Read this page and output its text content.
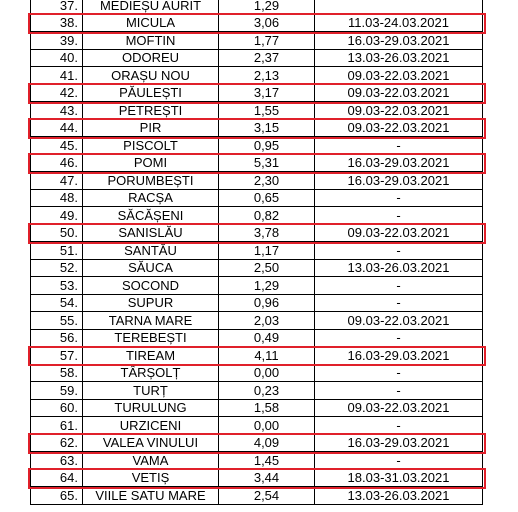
37.	MEDIEȘU AURIT	1,29	
38.	MICULA	3,06	11.03-24.03.2021
39.	MOFTIN	1,77	16.03-29.03.2021
40.	ODOREU	2,37	13.03-26.03.2021
41.	ORAȘU NOU	2,13	09.03-22.03.2021
42.	PĂULEȘTI	3,17	09.03-22.03.2021
43.	PETREȘTI	1,55	09.03-22.03.2021
44.	PIR	3,15	09.03-22.03.2021
45.	PISCOLT	0,95	-
46.	POMI	5,31	16.03-29.03.2021
47.	PORUMBEȘTI	2,30	16.03-29.03.2021
48.	RACȘA	0,65	-
49.	SĂCĂȘENI	0,82	-
50.	SANISLĂU	3,78	09.03-22.03.2021
51.	SANTĂU	1,17	-
52.	SĂUCA	2,50	13.03-26.03.2021
53.	SOCOND	1,29	-
54.	SUPUR	0,96	-
55.	TARNA MARE	2,03	09.03-22.03.2021
56.	TEREBEȘTI	0,49	-
57.	TIREAM	4,11	16.03-29.03.2021
58.	TÂRȘOLȚ	0,00	-
59.	TURȚ	0,23	-
60.	TURULUNG	1,58	09.03-22.03.2021
61.	URZICENI	0,00	-
62.	VALEA VINULUI	4,09	16.03-29.03.2021
63.	VAMA	1,45	-
64.	VETIȘ	3,44	18.03-31.03.2021
65.	VIILE SATU MARE	2,54	13.03-26.03.2021
